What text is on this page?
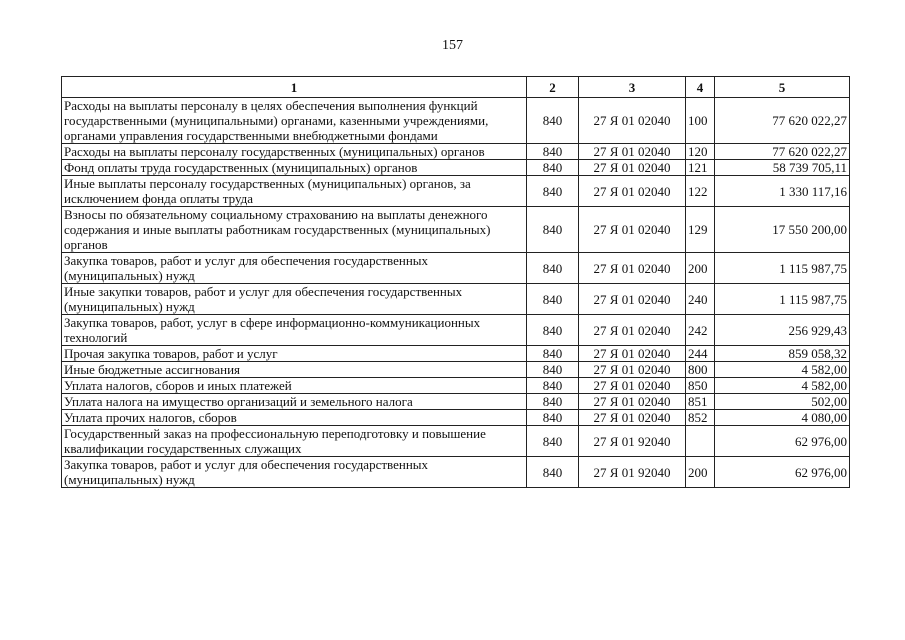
157
1	2	3	4	5
Расходы на выплаты персоналу в целях обеспечения выполнения функций государственными (муниципальными) органами, казенными учреждениями, органами управления государственными внебюджетными фондами	840	27 Я 01 02040	100	77 620 022,27
Расходы на выплаты персоналу государственных (муниципальных) органов	840	27 Я 01 02040	120	77 620 022,27
Фонд оплаты труда государственных (муниципальных) органов	840	27 Я 01 02040	121	58 739 705,11
Иные выплаты персоналу государственных (муниципальных) органов, за исключением фонда оплаты труда	840	27 Я 01 02040	122	1 330 117,16
Взносы по обязательному социальному страхованию на выплаты денежного содержания и иные выплаты работникам государственных (муниципальных) органов	840	27 Я 01 02040	129	17 550 200,00
Закупка товаров, работ и услуг для обеспечения государственных (муниципальных) нужд	840	27 Я 01 02040	200	1 115 987,75
Иные закупки товаров, работ и услуг для обеспечения государственных (муниципальных) нужд	840	27 Я 01 02040	240	1 115 987,75
Закупка товаров, работ, услуг в сфере информационно-коммуникационных технологий	840	27 Я 01 02040	242	256 929,43
Прочая закупка товаров, работ и услуг	840	27 Я 01 02040	244	859 058,32
Иные бюджетные ассигнования	840	27 Я 01 02040	800	4 582,00
Уплата налогов, сборов и иных платежей	840	27 Я 01 02040	850	4 582,00
Уплата налога на имущество организаций и земельного налога	840	27 Я 01 02040	851	502,00
Уплата прочих налогов, сборов	840	27 Я 01 02040	852	4 080,00
Государственный заказ на профессиональную переподготовку и повышение квалификации государственных служащих	840	27 Я 01 92040		62 976,00
Закупка товаров, работ и услуг для обеспечения государственных (муниципальных) нужд	840	27 Я 01 92040	200	62 976,00
